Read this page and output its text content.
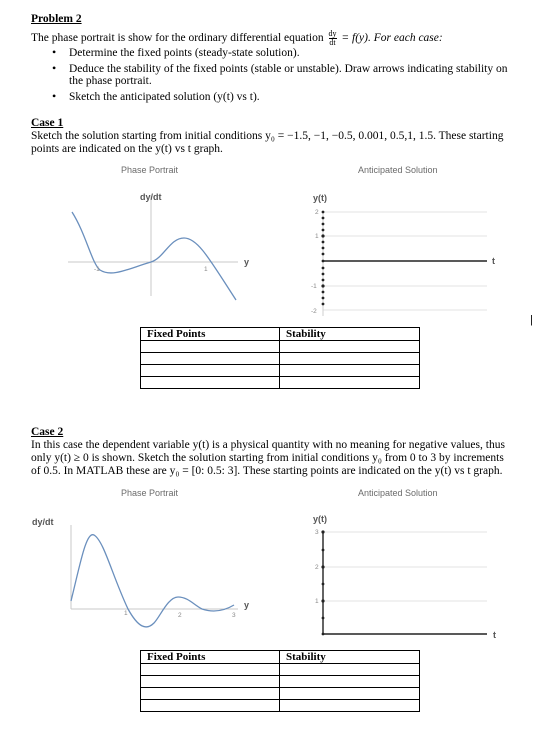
Problem 2
The phase portrait is show for the ordinary differential equation $\frac{dy}{dt} = f(y)$. For each case:
• Determine the fixed points (steady-state solution).
• Deduce the stability of the fixed points (stable or unstable). Draw arrows indicating stability on
the phase portrait.
• Sketch the anticipated solution (y(t) vs t).
Case 1
Sketch the solution starting from initial conditions y₀ = −1.5, −1, −0.5, 0.001, 0.5,1, 1.5. These starting
points are indicated on the y(t) vs t graph.
Phase Portrait	Anticipated Solution
dy/dt
y
-1	1
y(t)
t
2
1
-1
-2
|
Fixed Points	Stability

Case 2
In this case the dependent variable y(t) is a physical quantity with no meaning for negative values, thus
only y(t) ≥ 0 is shown. Sketch the solution starting from initial conditions y₀ from 0 to 3 by increments
of 0.5. In MATLAB these are y₀ = [0: 0.5: 3]. These starting points are indicated on the y(t) vs t graph.
Phase Portrait	Anticipated Solution
dy/dt
y
1	2	3
y(t)
t
3
2
1
Fixed Points	Stability
